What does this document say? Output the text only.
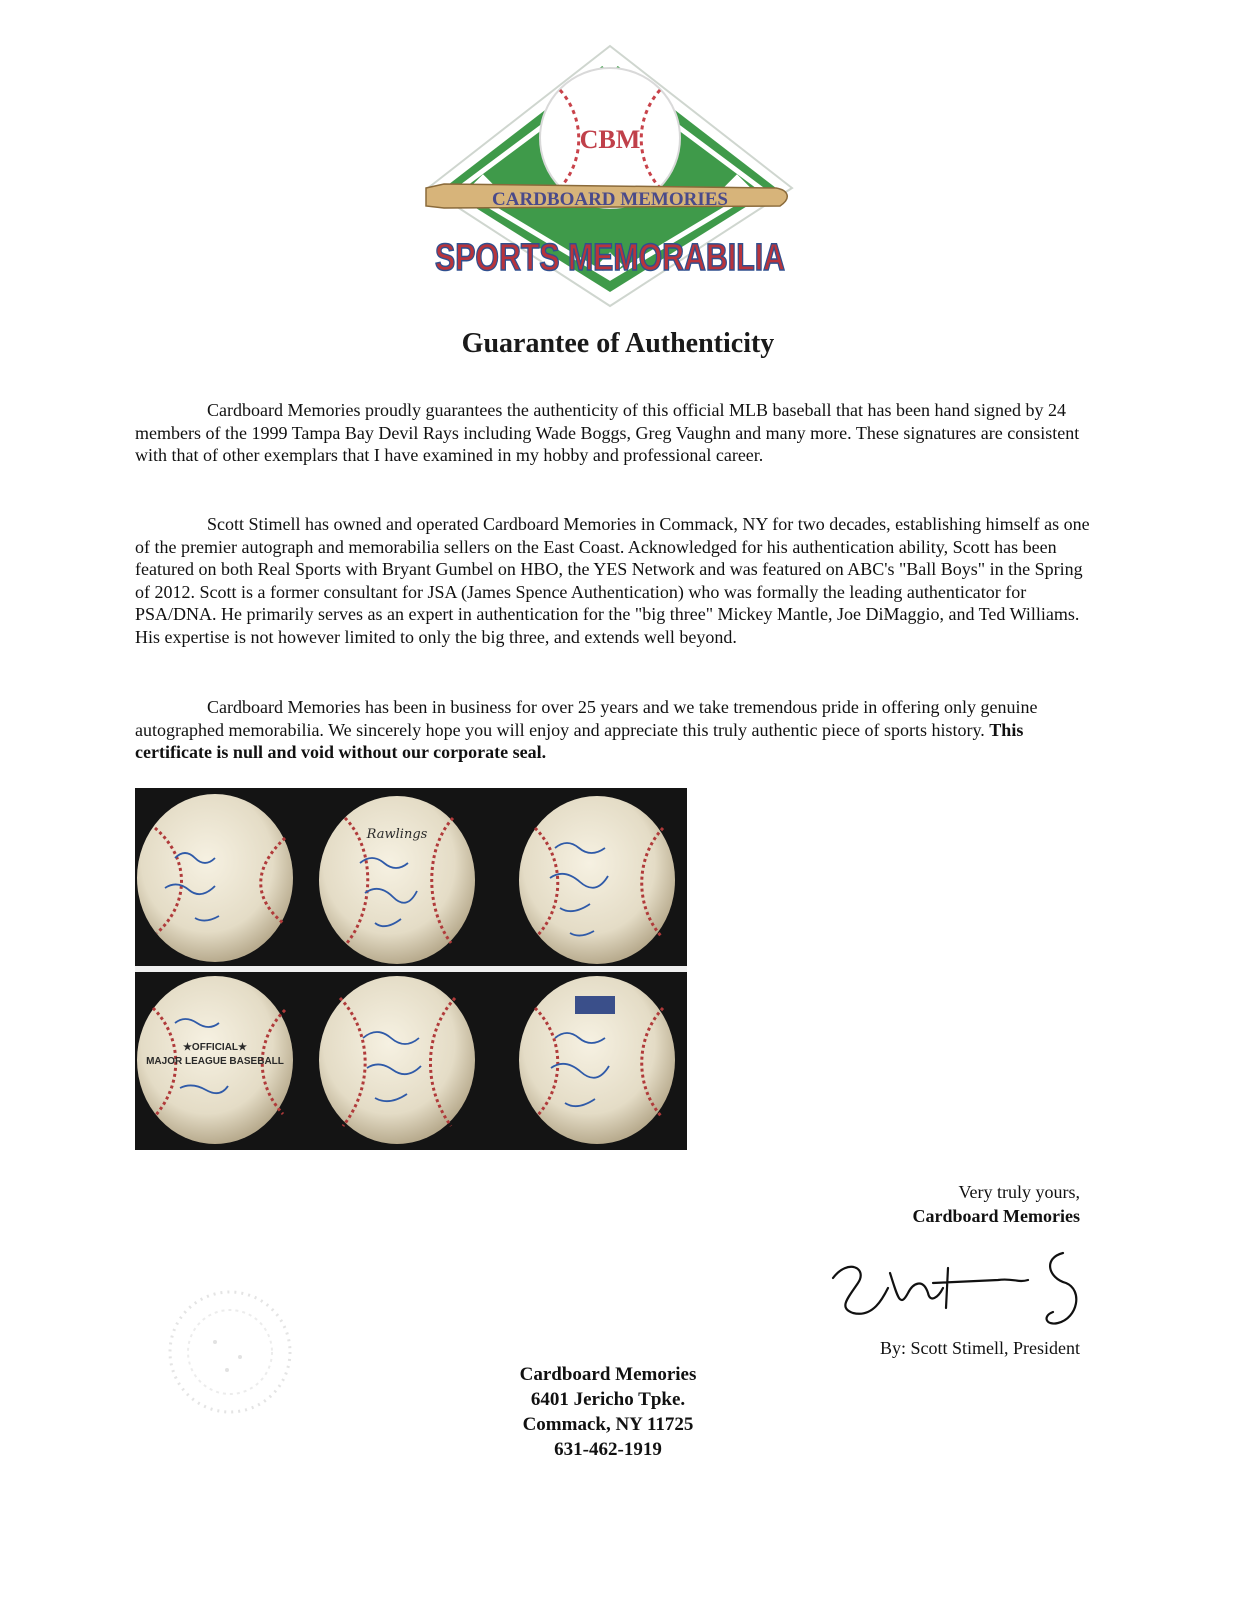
CBM
CARDBOARD MEMORIES
SPORTS MEMORABILIA
Guarantee of Authenticity

Cardboard Memories proudly guarantees the authenticity of this official MLB baseball that has been hand signed by 24 members of the 1999 Tampa Bay Devil Rays including Wade Boggs, Greg Vaughn and many more. These signatures are consistent with that of other exemplars that I have examined in my hobby and professional career.

Scott Stimell has owned and operated Cardboard Memories in Commack, NY for two decades, establishing himself as one of the premier autograph and memorabilia sellers on the East Coast. Acknowledged for his authentication ability, Scott has been featured on both Real Sports with Bryant Gumbel on HBO, the YES Network and was featured on ABC's "Ball Boys" in the Spring of 2012. Scott is a former consultant for JSA (James Spence Authentication) who was formally the leading authenticator for PSA/DNA. He primarily serves as an expert in authentication for the "big three" Mickey Mantle, Joe DiMaggio, and Ted Williams. His expertise is not however limited to only the big three, and extends well beyond.

Cardboard Memories has been in business for over 25 years and we take tremendous pride in offering only genuine autographed memorabilia. We sincerely hope you will enjoy and appreciate this truly authentic piece of sports history. This certificate is null and void without our corporate seal.

Rawlings
★OFFICIAL★
MAJOR LEAGUE BASEBALL
Very truly yours,
Cardboard Memories
By: Scott Stimell, President
Cardboard Memories
6401 Jericho Tpke.
Commack, NY 11725
631-462-1919
